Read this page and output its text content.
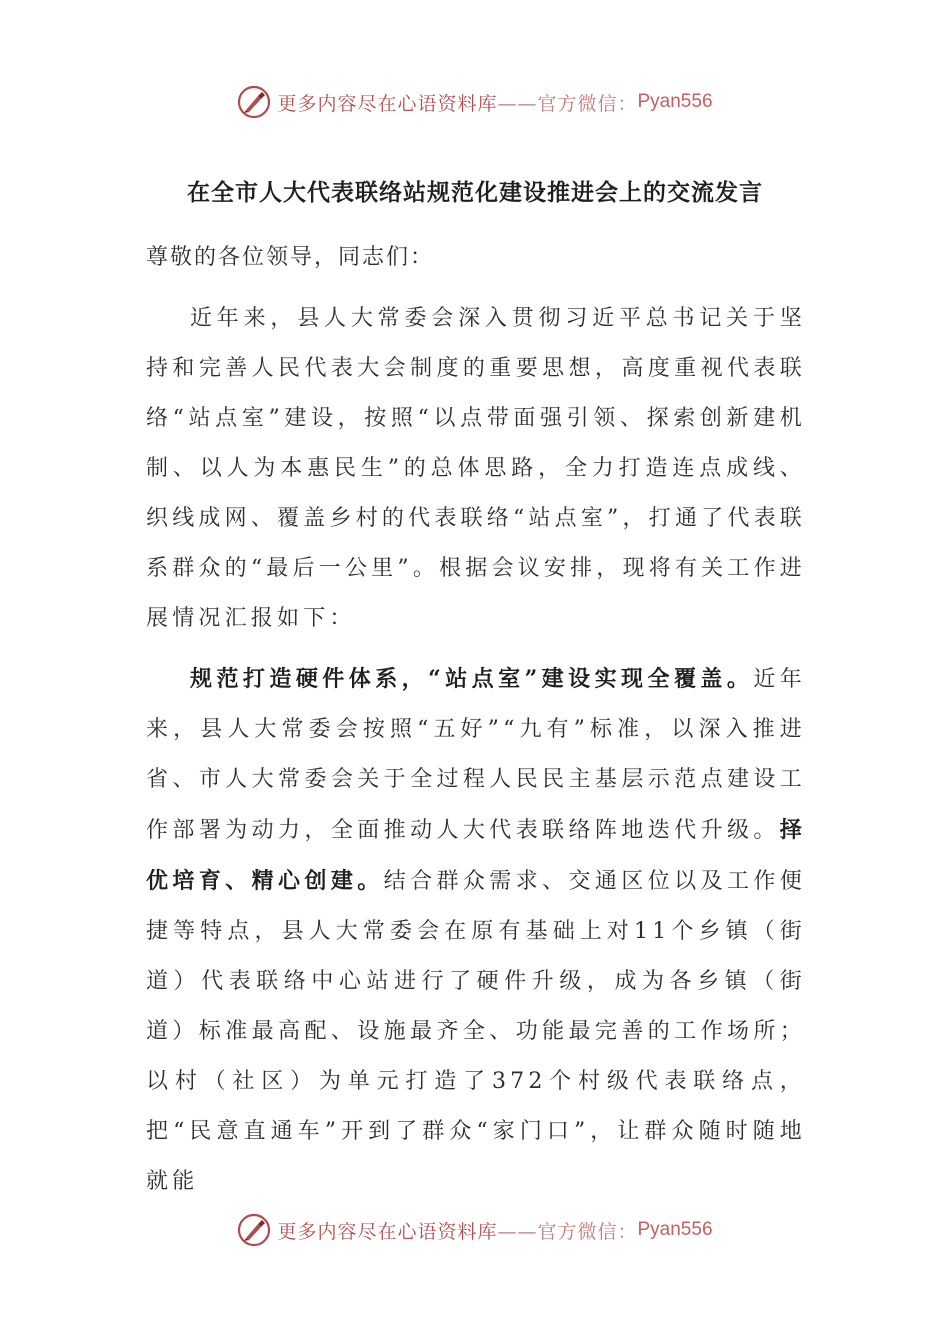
更多内容尽在心语资料库 ——官方微信： Pyan556
在全市人大代表联络站规范化建设推进会上的交流发言
尊敬的各位领导，同志们：

近年来，县人大常委会深入贯彻习近平总书记关于坚持和完善人民代表大会制度的重要思想，高度重视代表联络“站点室”建设，按照“以点带面强引领、探索创新建机制、以人为本惠民生”的总体思路，全力打造连点成线、织线成网、覆盖乡村的代表联络“站点室”，打通了代表联系群众的“最后一公里”。根据会议安排，现将有关工作进展情况汇报如下：

规范打造硬件体系，“站点室”建设实现全覆盖。近年来，县人大常委会按照“五好”“九有”标准，以深入推进省、市人大常委会关于全过程人民民主基层示范点建设工作部署为动力，全面推动人大代表联络阵地迭代升级。择优培育、精心创建。结合群众需求、交通区位以及工作便捷等特点，县人大常委会在原有基础上对11个乡镇（街道）代表联络中心站进行了硬件升级，成为各乡镇（街道）标准最高配、设施最齐全、功能最完善的工作场所；以村（社区）为单元打造了372个村级代表联络点，把“民意直通车”开到了群众“家门口”，让群众随时随地就能

更多内容尽在心语资料库 ——官方微信： Pyan556
